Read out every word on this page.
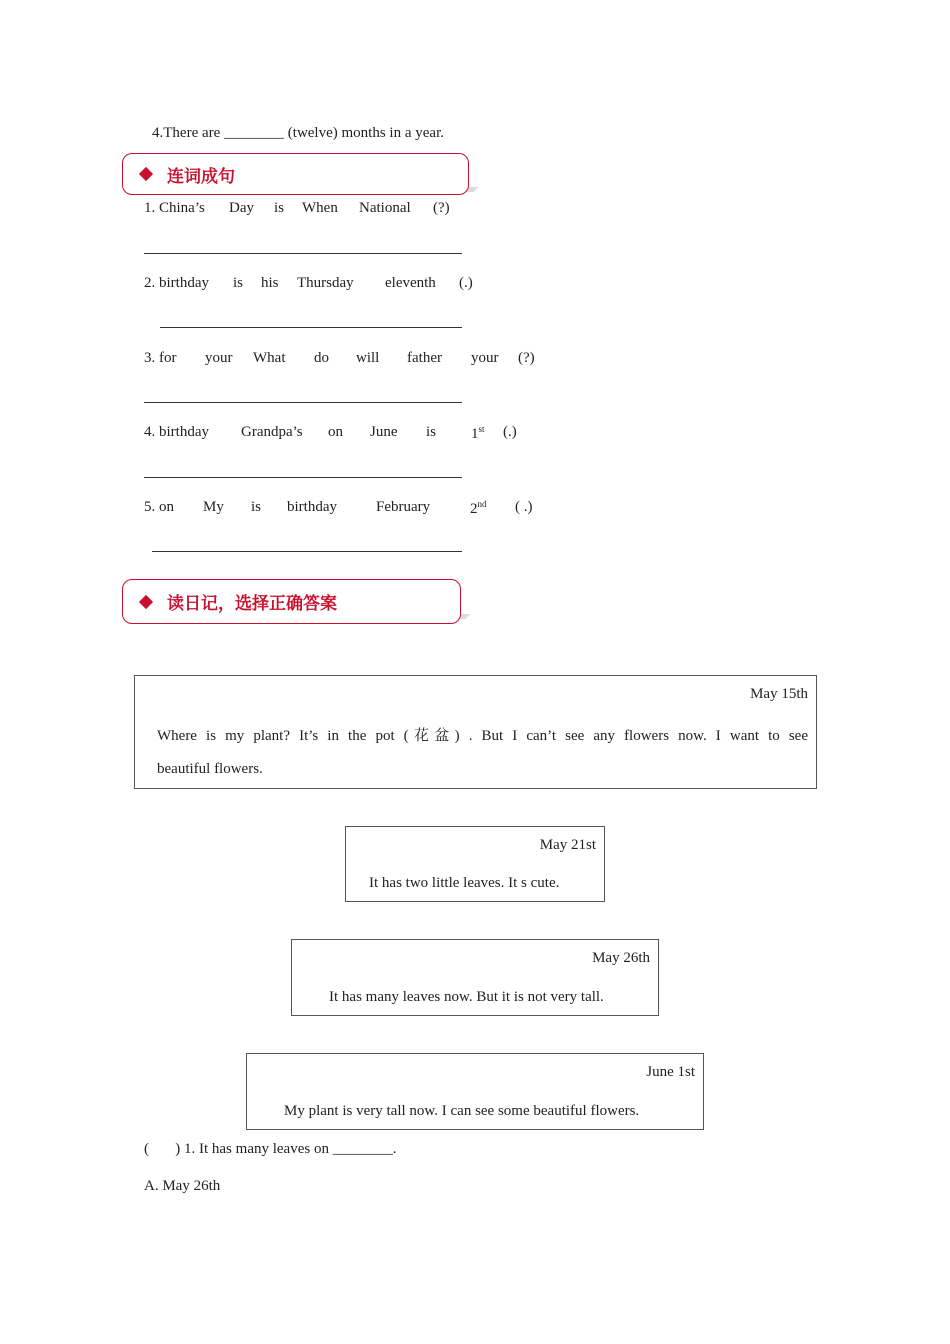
4.There are ________ (twelve) months in a year.
连词成句
1. China’s Day is When National (?)
2. birthday is his Thursday eleventh (.)
3. for your What do will father your (?)
4. birthday Grandpa’s on June is 1st (.)
5. on My is birthday	February	2nd ( .)
读日记，选择正确答案
May 15th
Where is my plant? It’s in the pot (花盆) . But I can’t see any flowers now. I want to see
beautiful flowers.
May 21st
It has two little leaves. It s cute.
May 26th
It has many leaves now. But it is not very tall.
June 1st
My plant is very tall now. I can see some beautiful flowers.
(       ) 1. It has many leaves on ________.
A. May 26th
